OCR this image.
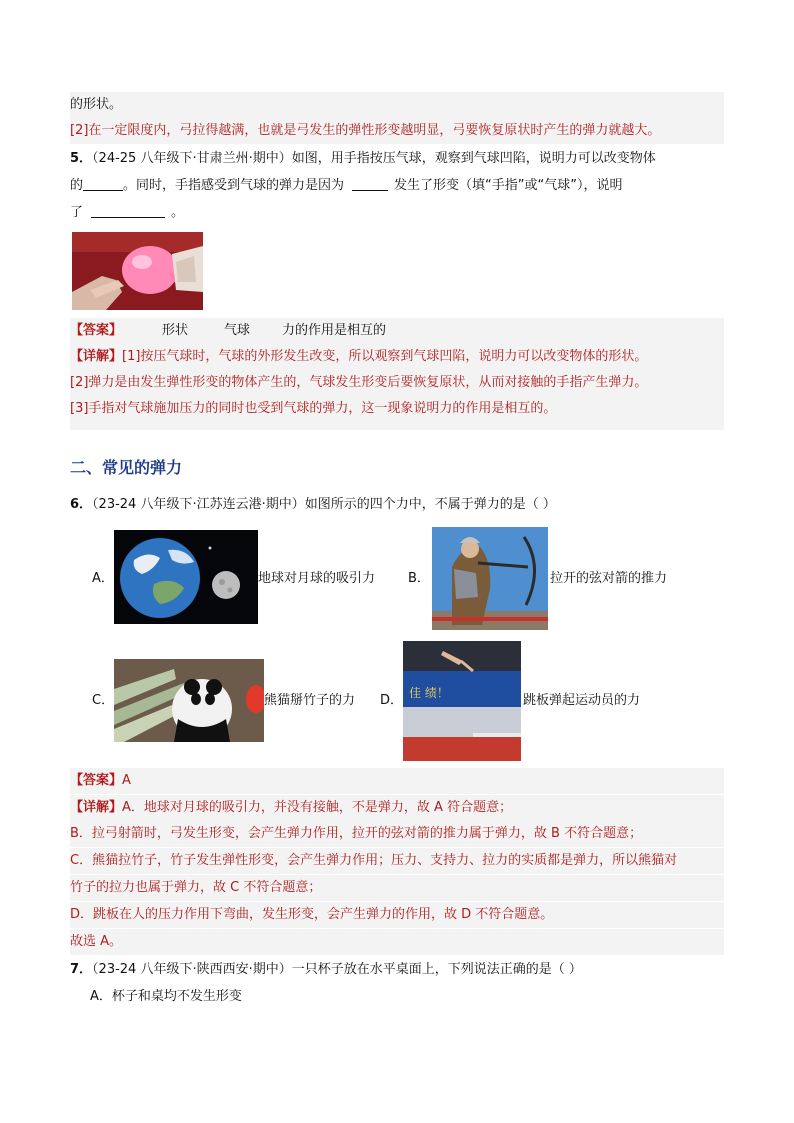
的形状。
[2]在一定限度内，弓拉得越满，也就是弓发生的弹性形变越明显，弓要恢复原状时产生的弹力就越大。
5．（24-25 八年级下·甘肃兰州·期中）如图，用手指按压气球，观察到气球凹陷，说明力可以改变物体
的	。同时，手指感受到气球的弹力是因为	发生了形变（填“手指”或“气球”），说明
了	。
【答案】	形状	气球 力的作用是相互的
【详解】[1]按压气球时，气球的外形发生改变，所以观察到气球凹陷，说明力可以改变物体的形状。
[2]弹力是由发生弹性形变的物体产生的，气球发生形变后要恢复原状，从而对接触的手指产生弹力。
[3]手指对气球施加压力的同时也受到气球的弹力，这一现象说明力的作用是相互的。
二、常见的弹力
6．（23-24 八年级下·江苏连云港·期中）如图所示的四个力中，不属于弹力的是（ ）
A．	地球对月球的吸引力	B．	拉开的弦对箭的推力
C．	熊猫掰竹子的力 D． 佳 绩！	跳板弹起运动员的力
【答案】A
【详解】A．地球对月球的吸引力，并没有接触，不是弹力，故 A 符合题意；
B．拉弓射箭时，弓发生形变，会产生弹力作用，拉开的弦对箭的推力属于弹力，故 B 不符合题意；
C．熊猫拉竹子，竹子发生弹性形变，会产生弹力作用；压力、支持力、拉力的实质都是弹力，所以熊猫对
竹子的拉力也属于弹力，故 C 不符合题意；
D．跳板在人的压力作用下弯曲，发生形变，会产生弹力的作用，故 D 不符合题意。
故选 A。
7．（23-24 八年级下·陕西西安·期中）一只杯子放在水平桌面上，下列说法正确的是（ ）
A．杯子和桌均不发生形变
